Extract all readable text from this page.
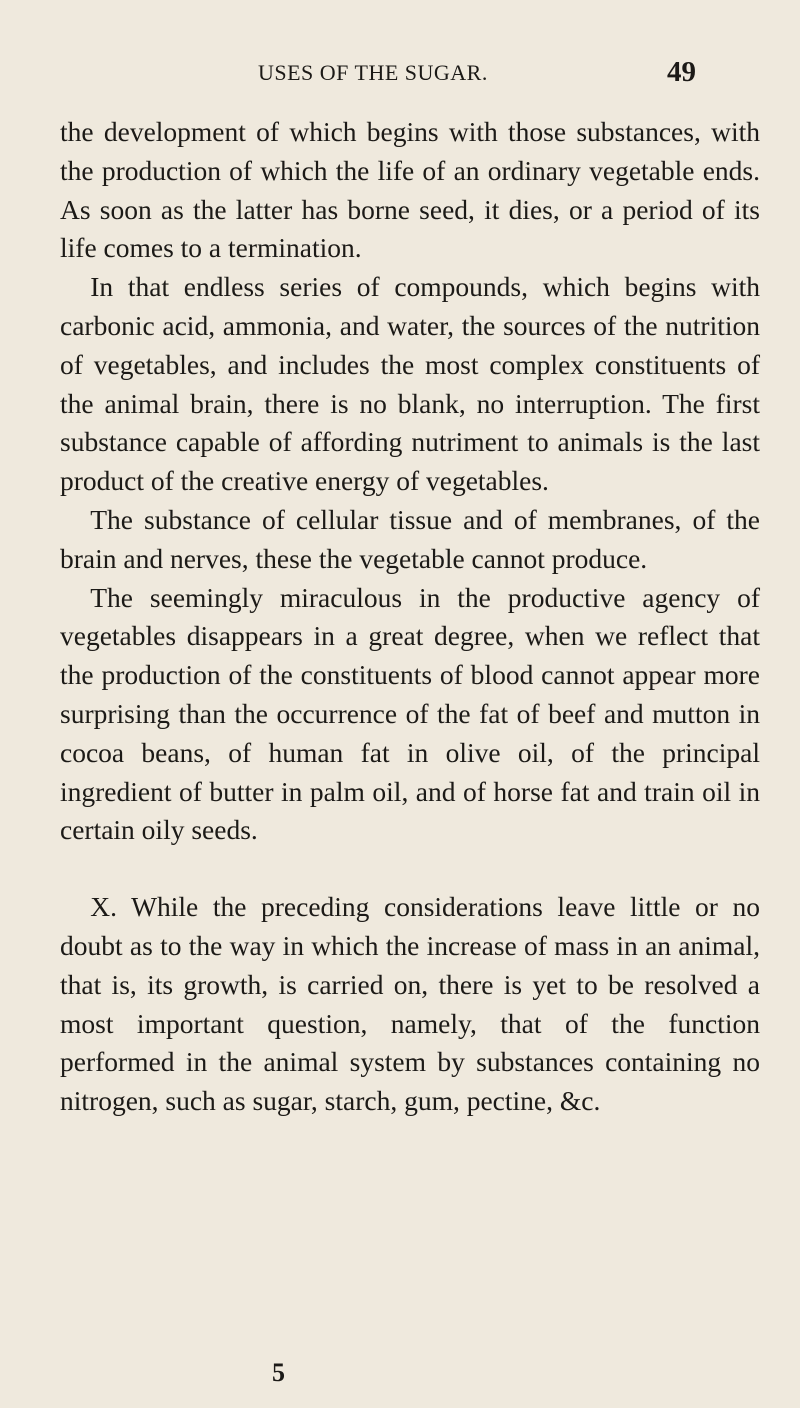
USES OF THE SUGAR.	49

the development of which begins with those substances, with the production of which the life of an ordinary vegetable ends. As soon as the latter has borne seed, it dies, or a period of its life comes to a termination.

In that endless series of compounds, which begins with carbonic acid, ammonia, and water, the sources of the nutrition of vegetables, and includes the most complex constituents of the animal brain, there is no blank, no interruption. The first substance capable of affording nutriment to animals is the last product of the creative energy of vegetables.

The substance of cellular tissue and of membranes, of the brain and nerves, these the vegetable cannot produce.

The seemingly miraculous in the productive agency of vegetables disappears in a great degree, when we reflect that the production of the constituents of blood cannot appear more surprising than the occurrence of the fat of beef and mutton in cocoa beans, of human fat in olive oil, of the principal ingredient of butter in palm oil, and of horse fat and train oil in certain oily seeds.

X. While the preceding considerations leave little or no doubt as to the way in which the increase of mass in an animal, that is, its growth, is carried on, there is yet to be resolved a most important question, namely, that of the function performed in the animal system by substances containing no nitrogen, such as sugar, starch, gum, pectine, &c.

5
